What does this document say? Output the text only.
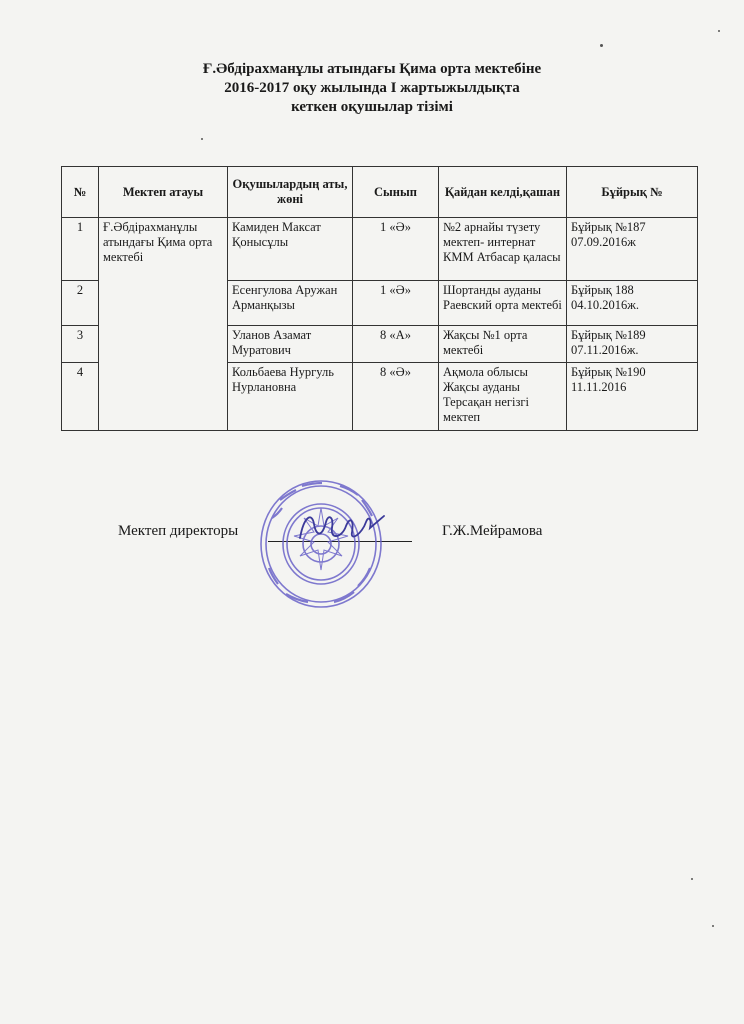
Ғ.Әбдірахманұлы атындағы Қима орта мектебіне
2016-2017 оқу жылында І жартыжылдықта
кеткен оқушылар тізімі
№	Мектеп атауы	Оқушылардың аты, жөні	Сынып	Қайдан келді,қашан	Бұйрық №
1	Ғ.Әбдірахманұлы атындағы Қима орта мектебі	Камиден Максат Қонысұлы	1 «Ә»	№2 арнайы түзету мектеп- интернат КММ Атбасар қаласы	Бұйрық №187 07.09.2016ж
2		Есенгулова Аружан Арманқызы	1 «Ә»	Шортанды ауданы Раевский орта мектебі	Бұйрық 188 04.10.2016ж.
3		Уланов Азамат Муратович	8 «А»	Жақсы №1 орта мектебі	Бұйрық №189 07.11.2016ж.
4		Кольбаева Нургуль Нурлановна	8 «Ә»	Ақмола облысы Жақсы ауданы Терсақан негізгі мектеп	Бұйрық №190 11.11.2016
Мектеп директоры	Г.Ж.Мейрамова
